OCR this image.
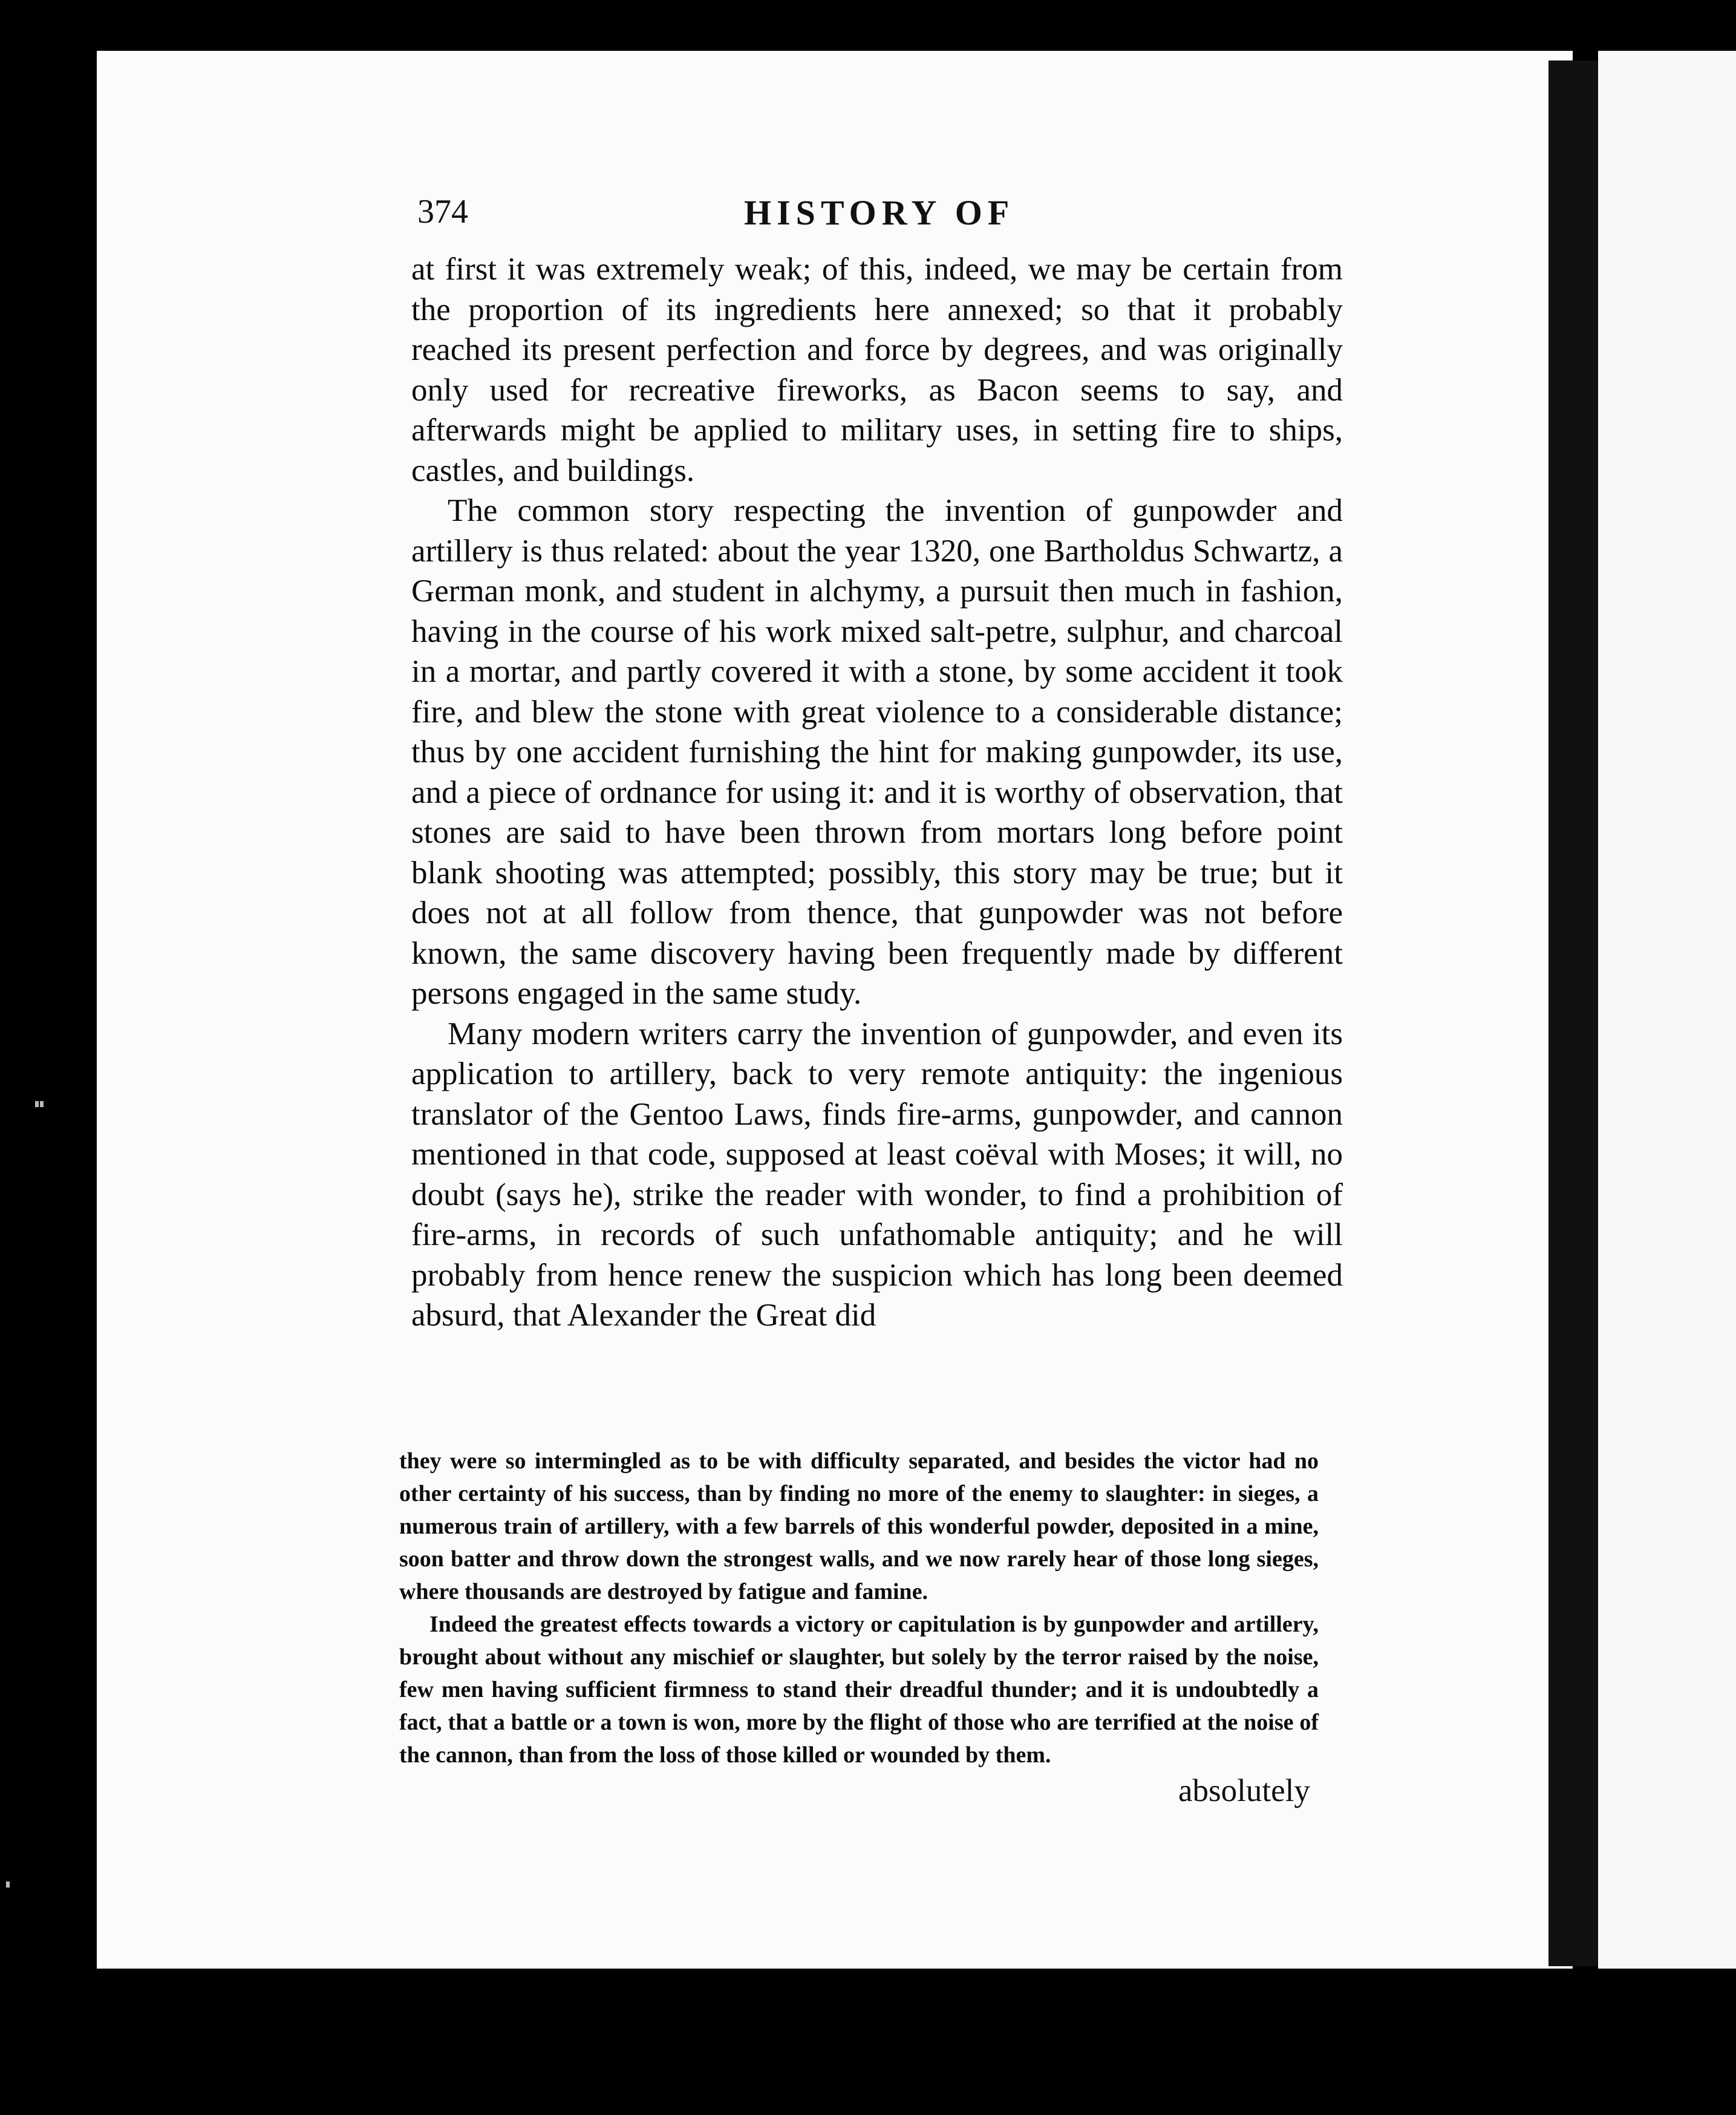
374	HISTORY OF

at first it was extremely weak; of this, indeed, we may be certain from the proportion of its ingredients here annexed; so that it probably reached its present perfection and force by degrees, and was originally only used for recreative fireworks, as Bacon seems to say, and afterwards might be applied to military uses, in setting fire to ships, castles, and buildings.

The common story respecting the invention of gunpowder and artillery is thus related: about the year 1320, one Bartholdus Schwartz, a German monk, and student in alchymy, a pursuit then much in fashion, having in the course of his work mixed salt-petre, sulphur, and charcoal in a mortar, and partly covered it with a stone, by some accident it took fire, and blew the stone with great violence to a considerable distance; thus by one accident furnishing the hint for making gunpowder, its use, and a piece of ordnance for using it: and it is worthy of observation, that stones are said to have been thrown from mortars long before point blank shooting was attempted; possibly, this story may be true; but it does not at all follow from thence, that gunpowder was not before known, the same discovery having been frequently made by different persons engaged in the same study.

Many modern writers carry the invention of gunpowder, and even its application to artillery, back to very remote antiquity: the ingenious translator of the Gentoo Laws, finds fire-arms, gunpowder, and cannon mentioned in that code, supposed at least coëval with Moses; it will, no doubt (says he), strike the reader with wonder, to find a prohibition of fire-arms, in records of such unfathomable antiquity; and he will probably from hence renew the suspicion which has long been deemed absurd, that Alexander the Great did

they were so intermingled as to be with difficulty separated, and besides the victor had no other certainty of his success, than by finding no more of the enemy to slaughter: in sieges, a numerous train of artillery, with a few barrels of this wonderful powder, deposited in a mine, soon batter and throw down the strongest walls, and we now rarely hear of those long sieges, where thousands are destroyed by fatigue and famine.

Indeed the greatest effects towards a victory or capitulation is by gunpowder and artillery, brought about without any mischief or slaughter, but solely by the terror raised by the noise, few men having sufficient firmness to stand their dreadful thunder; and it is undoubtedly a fact, that a battle or a town is won, more by the flight of those who are terrified at the noise of the cannon, than from the loss of those killed or wounded by them.

absolutely
